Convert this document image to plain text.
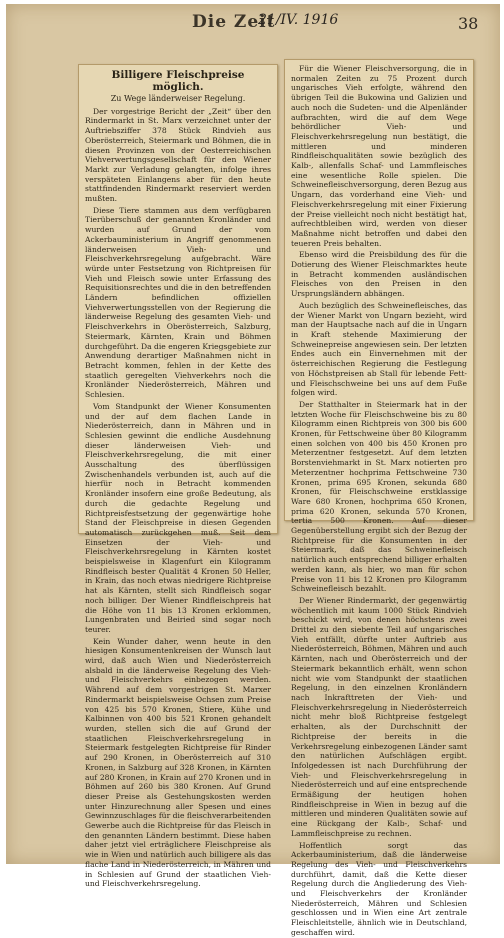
Die Zeit
21/IV. 1916	38
Billigere Fleischpreise möglich.
Zu Wege länderweiser Regelung.

Der vorgestrige Bericht der „Zeit“ über den Rindermarkt in St. Marx verzeichnet unter der Auftriebsziffer 378 Stück Rindvieh aus Oberösterreich, Steiermark und Böhmen, die in diesen Provinzen von der Oesterreichischen Viehverwertungsgesellschaft für den Wiener Markt zur Verladung gelangten, infolge ihres verspäteten Einlangens aber für den heute stattfindenden Rindermarkt reserviert werden mußten.

Diese Tiere stammen aus dem verfügbaren Tierüberschuß der genannten Kronländer und wurden auf Grund der vom Ackerbauministerium in Angriff genommenen länderweisen Vieh- und Fleischverkehrsregelung aufgebracht. Wäre würde unter Festsetzung von Richtpreisen für Vieh und Fleisch sowie unter Erfassung des Requisitionsrechtes und die in den betreffenden Ländern befindlichen offiziellen Viehverwertungsstellen von der Regierung die länderweise Regelung des gesamten Vieh- und Fleischverkehrs in Oberösterreich, Salzburg, Steiermark, Kärnten, Krain und Böhmen durchgeführt. Da die engeren Kriegsgebiete zur Anwendung derartiger Maßnahmen nicht in Betracht kommen, fehlen in der Kette des staatlich geregelten Viehverkehrs noch die Kronländer Niederösterreich, Mähren und Schlesien.

Vom Standpunkt der Wiener Konsumenten und der auf dem flachen Lande in Niederösterreich, dann in Mähren und in Schlesien gewinnt die endliche Ausdehnung dieser länderweisen Vieh- und Fleischverkehrsregelung, die mit einer Ausschaltung des überflüssigen Zwischenhandels verbunden ist, auch auf die hierfür noch in Betracht kommenden Kronländer insofern eine große Bedeutung, als durch die gedachte Regelung und Richtpreisfestsetzung der gegenwärtige hohe Stand der Fleischpreise in diesen Gegenden automatisch zurückgehen muß. Seit dem Einsetzen der Vieh- und Fleischverkehrsregelung in Kärnten kostet beispielsweise in Klagenfurt ein Kilogramm Rindfleisch bester Qualität 4 Kronen 50 Heller, in Krain, das noch etwas niedrigere Richtpreise hat als Kärnten, stellt sich Rindfleisch sogar noch billiger. Der Wiener Rindfleischpreis hat die Höhe von 11 bis 13 Kronen erklommen, Lungenbraten und Beiried sind sogar noch teurer.

Kein Wunder daher, wenn heute in den hiesigen Konsumentenkreisen der Wunsch laut wird, daß auch Wien und Niederösterreich alsbald in die länderweise Regelung des Vieh- und Fleischverkehrs einbezogen werden. Während auf dem vorgestrigen St. Marxer Rindermarkt beispielsweise Ochsen zum Preise von 425 bis 570 Kronen, Stiere, Kühe und Kalbinnen von 400 bis 521 Kronen gehandelt wurden, stellen sich die auf Grund der staatlichen Fleischverkehrsregelung in Steiermark festgelegten Richtpreise für Rinder auf 290 Kronen, in Oberösterreich auf 310 Kronen, in Salzburg auf 328 Kronen, in Kärnten auf 280 Kronen, in Krain auf 270 Kronen und in Böhmen auf 260 bis 380 Kronen. Auf Grund dieser Preise als Gestehungskosten werden unter Hinzurechnung aller Spesen und eines Gewinnzuschlages für die fleischverarbeitenden Gewerbe auch die Richtpreise für das Fleisch in den genannten Ländern bestimmt. Diese haben daher jetzt viel erträglichere Fleischpreise als wie in Wien und natürlich auch billigere als das flache Land in Niederösterreich, in Mähren und in Schlesien auf Grund der staatlichen Vieh- und Fleischverkehrsregelung.

Für die Wiener Fleischversorgung, die in normalen Zeiten zu 75 Prozent durch ungarisches Vieh erfolgte, während den übrigen Teil die Bukowina und Galizien und auch noch die Sudeten- und die Alpenländer aufbrachten, wird die auf dem Wege behördlicher Vieh- und Fleischverkehrsregelung nun bestätigt, die mittleren und minderen Rindfleischqualitäten sowie bezüglich des Kalb-, allenfalls Schaf- und Lammfleisches eine wesentliche Rolle spielen. Die Schweinefleischversorgung, deren Bezug aus Ungarn, das vorderhand eine Vieh- und Fleischverkehrsregelung mit einer Fixierung der Preise vielleicht noch nicht bestätigt hat, aufrechtbleiben wird, werden von dieser Maßnahme nicht betroffen und dabei den teueren Preis behalten.

Ebenso wird die Preisbildung des für die Dotierung des Wiener Fleischmarktes heute in Betracht kommenden ausländischen Fleisches von den Preisen in den Ursprungsländern abhängen.

Auch bezüglich des Schweinefleisches, das der Wiener Markt von Ungarn bezieht, wird man der Hauptsache nach auf die in Ungarn in Kraft stehende Maximierung der Schweinepreise angewiesen sein. Der letzten Endes auch ein Einvernehmen mit der österreichischen Regierung die Festlegung von Höchstpreisen ab Stall für lebende Fett- und Fleischschweine bei uns auf dem Fuße folgen wird.

Der Statthalter in Steiermark hat in der letzten Woche für Fleischschweine bis zu 80 Kilogramm einen Richtpreis von 300 bis 600 Kronen, für Fettschweine über 80 Kilogramm einen solchen von 400 bis 450 Kronen pro Meterzentner festgesetzt. Auf dem letzten Borstenviehmarkt in St. Marx notierten pro Meterzentner hochprima Fettschweine 730 Kronen, prima 695 Kronen, sekunda 680 Kronen, für Fleischschweine erstklassige Ware 680 Kronen, hochprima 650 Kronen, prima 620 Kronen, sekunda 570 Kronen, tertia 500 Kronen. Auf dieser Gegenüberstellung ergibt sich der Bezug der Richtpreise für die Konsumenten in der Steiermark, daß das Schweinefleisch natürlich auch entsprechend billiger erhalten werden kann, als hier, wo man für schon Preise von 11 bis 12 Kronen pro Kilogramm Schweinefleisch bezahlt.

Der Wiener Rindermarkt, der gegenwärtig wöchentlich mit kaum 1000 Stück Rindvieh beschickt wird, von denen höchstens zwei Drittel zu den siebente Teil auf ungarisches Vieh entfällt, dürfte unter Auftrieb aus Niederösterreich, Böhmen, Mähren und auch Kärnten, nach und Oberösterreich und der Steiermark bekanntlich erhält, wenn schon nicht wie vom Standpunkt der staatlichen Regelung, in den einzelnen Kronländern nach Inkrafttreten der Vieh- und Fleischverkehrsregelung in Niederösterreich nicht mehr bloß Richtpreise festgelegt erhalten, als der Durchschnitt der Richtpreise der bereits in die Verkehrsregelung einbezogenen Länder samt den natürlichen Aufschlägen ergibt. Infolgedessen ist nach Durchführung der Vieh- und Fleischverkehrsregelung in Niederösterreich und auf eine entsprechende Ermäßigung der heutigen hohen Rindfleischpreise in Wien in bezug auf die mittleren und minderen Qualitäten sowie auf eine Rückgang der Kalb-, Schaf- und Lammfleischpreise zu rechnen.

Hoffentlich sorgt das Ackerbauministerium, daß die länderweise Regelung des Vieh- und Fleischverkehrs durchführt, damit, daß die Kette dieser Regelung durch die Angliederung des Vieh- und Fleischverkehrs der Kronländer Niederösterreich, Mähren und Schlesien geschlossen und in Wien eine Art zentrale Fleischleitstelle, ähnlich wie in Deutschland, geschaffen wird.
